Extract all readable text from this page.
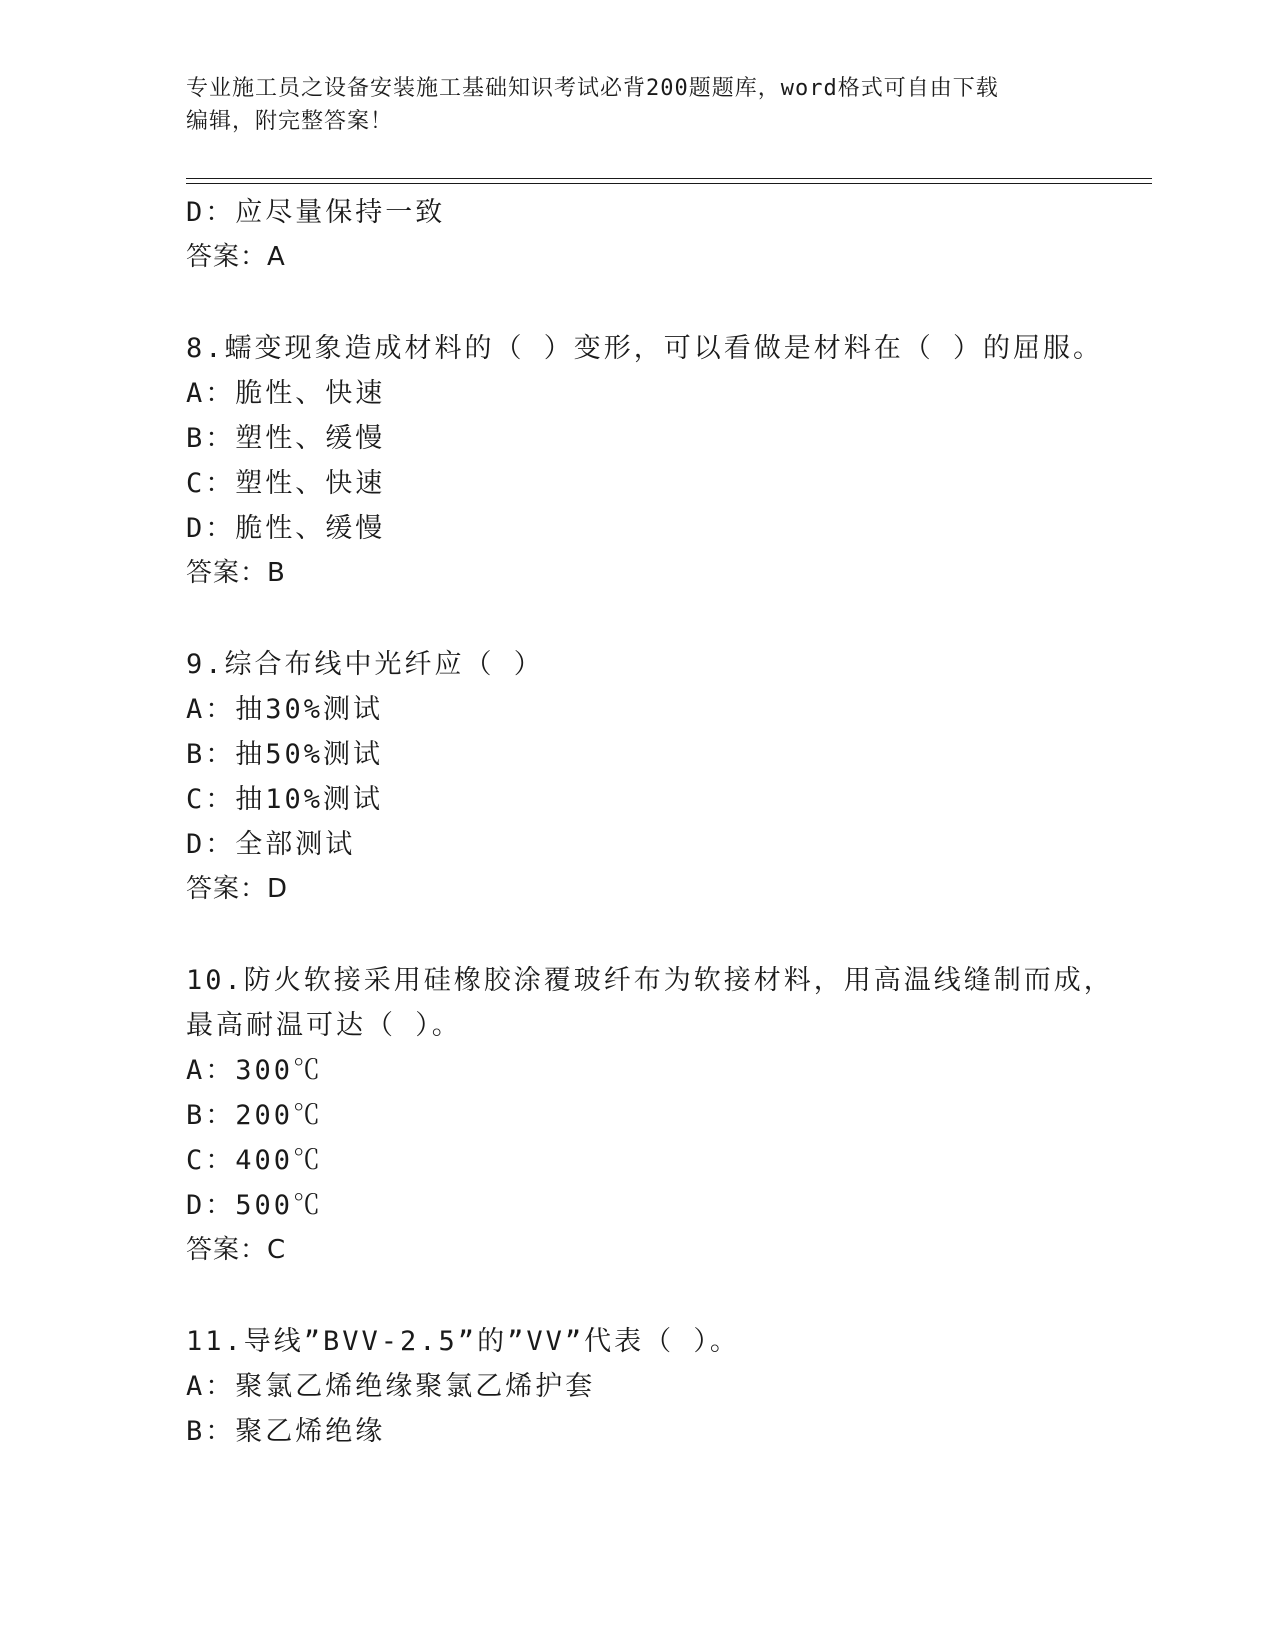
专业施工员之设备安装施工基础知识考试必背200题题库，word格式可自由下载
编辑，附完整答案！
D：应尽量保持一致
答案：A
8.蠕变现象造成材料的（ ）变形，可以看做是材料在（ ）的屈服。
A：脆性、快速
B：塑性、缓慢
C：塑性、快速
D：脆性、缓慢
答案：B
9.综合布线中光纤应（ ）
A：抽30%测试
B：抽50%测试
C：抽10%测试
D：全部测试
答案：D
10.防火软接采用硅橡胶涂覆玻纤布为软接材料，用高温线缝制而成，
最高耐温可达（ ）。
A：300℃
B：200℃
C：400℃
D：500℃
答案：C
11.导线”BVV-2.5”的”VV”代表（ ）。
A：聚氯乙烯绝缘聚氯乙烯护套
B：聚乙烯绝缘
